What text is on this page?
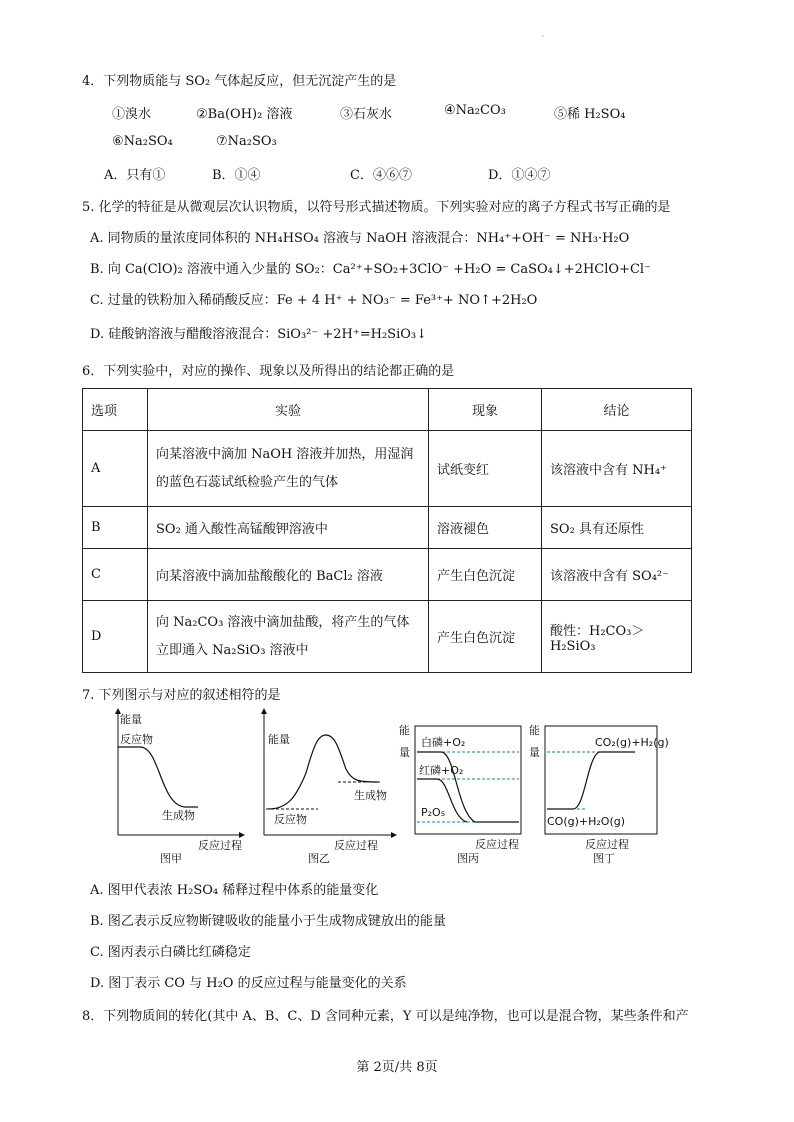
·
4．下列物质能与 SO₂ 气体起反应，但无沉淀产生的是
①溴水	②Ba(OH)₂ 溶液	③石灰水	④Na₂CO₃	⑤稀 H₂SO₄
⑥Na₂SO₄	⑦Na₂SO₃
A．只有①	B．①④	C．④⑥⑦	D．①④⑦
5. 化学的特征是从微观层次认识物质，以符号形式描述物质。下列实验对应的离子方程式书写正确的是
A. 同物质的量浓度同体积的 NH₄HSO₄ 溶液与 NaOH 溶液混合：NH₄⁺+OH⁻ = NH₃·H₂O
B. 向 Ca(ClO)₂ 溶液中通入少量的 SO₂：Ca²⁺+SO₂+3ClO⁻ +H₂O = CaSO₄↓+2HClO+Cl⁻
C. 过量的铁粉加入稀硝酸反应：Fe + 4 H⁺ + NO₃⁻ = Fe³⁺+ NO↑+2H₂O
D. 硅酸钠溶液与醋酸溶液混合：SiO₃²⁻ +2H⁺=H₂SiO₃↓
6．下列实验中，对应的操作、现象以及所得出的结论都正确的是
选项	实验	现象	结论
A	向某溶液中滴加 NaOH 溶液并加热，用湿润
的蓝色石蕊试纸检验产生的气体	试纸变红	该溶液中含有 NH₄⁺
B	SO₂ 通入酸性高锰酸钾溶液中	溶液褪色	SO₂ 具有还原性
C	向某溶液中滴加盐酸酸化的 BaCl₂ 溶液	产生白色沉淀	该溶液中含有 SO₄²⁻
D	向 Na₂CO₃ 溶液中滴加盐酸，将产生的气体
立即通入 Na₂SiO₃ 溶液中	产生白色沉淀	酸性：H₂CO₃＞H₂SiO₃
7. 下列图示与对应的叙述相符的是
能量
反应物
生成物
反应过程
图甲
能量
反应物
生成物
反应过程
图乙
能
量
白磷+O₂
红磷+O₂
P₂O₅
反应过程
图丙
能
量
CO₂(g)+H₂(g)
CO(g)+H₂O(g)
反应过程
图丁
A. 图甲代表浓 H₂SO₄ 稀释过程中体系的能量变化
B. 图乙表示反应物断键吸收的能量小于生成物成键放出的能量
C. 图丙表示白磷比红磷稳定
D. 图丁表示 CO 与 H₂O 的反应过程与能量变化的关系
8．下列物质间的转化(其中 A、B、C、D 含同种元素，Y 可以是纯净物，也可以是混合物，某些条件和产
第 2页/共 8页
